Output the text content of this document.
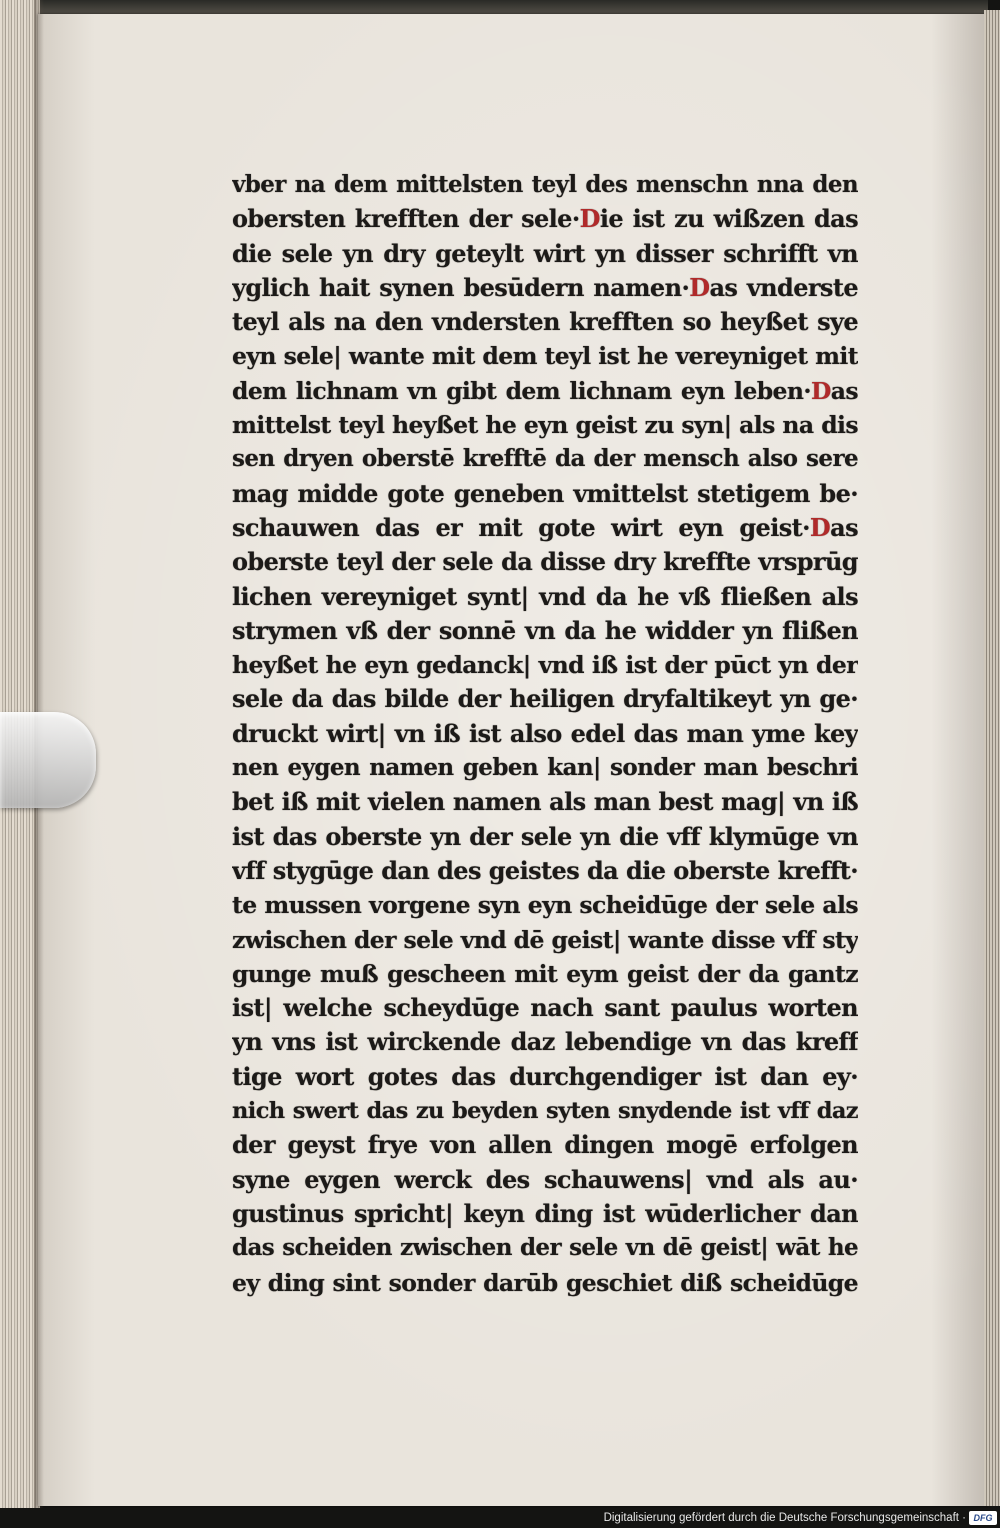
vber na dem mittelsten teyl des menschn nna den
obersten krefften der sele·Die ist zu wißzen das
die sele yn dry geteylt wirt yn disser schrifft vn
yglich hait synen besūdern namen·Das vnderste
teyl als na den vndersten krefften so heyßet sye
eyn sele| wante mit dem teyl ist he vereyniget mit
dem lichnam vn gibt dem lichnam eyn leben·Das
mittelst teyl heyßet he eyn geist zu syn| als na dis
sen dryen oberstē krefftē da der mensch also sere
mag midde gote geneben vmittelst stetigem be·
schauwen das er mit gote wirt eyn geist·Das
oberste teyl der sele da disse dry kreffte vrsprūg
lichen vereyniget synt| vnd da he vß fließen als
strymen vß der sonnē vn da he widder yn flißen
heyßet he eyn gedanck| vnd iß ist der pūct yn der
sele da das bilde der heiligen dryfaltikeyt yn ge·
druckt wirt| vn iß ist also edel das man yme key
nen eygen namen geben kan| sonder man beschri
bet iß mit vielen namen als man best mag| vn iß
ist das oberste yn der sele yn die vff klymūge vn
vff stygūge dan des geistes da die oberste krefft·
te mussen vorgene syn eyn scheidūge der sele als
zwischen der sele vnd dē geist| wante disse vff sty
gunge muß gescheen mit eym geist der da gantz
ist| welche scheydūge nach sant paulus worten
yn vns ist wirckende daz lebendige vn das kreff
tige wort gotes das durchgendiger ist dan ey·
nich swert das zu beyden syten snydende ist vff daz
der geyst frye von allen dingen mogē erfolgen
syne eygen werck des schauwens| vnd als au·
gustinus spricht| keyn ding ist wūderlicher dan
das scheiden zwischen der sele vn dē geist| wāt he
ey ding sint sonder darūb geschiet diß scheidūge
Digitalisierung gefördert durch die Deutsche Forschungsgemeinschaft · DFG
